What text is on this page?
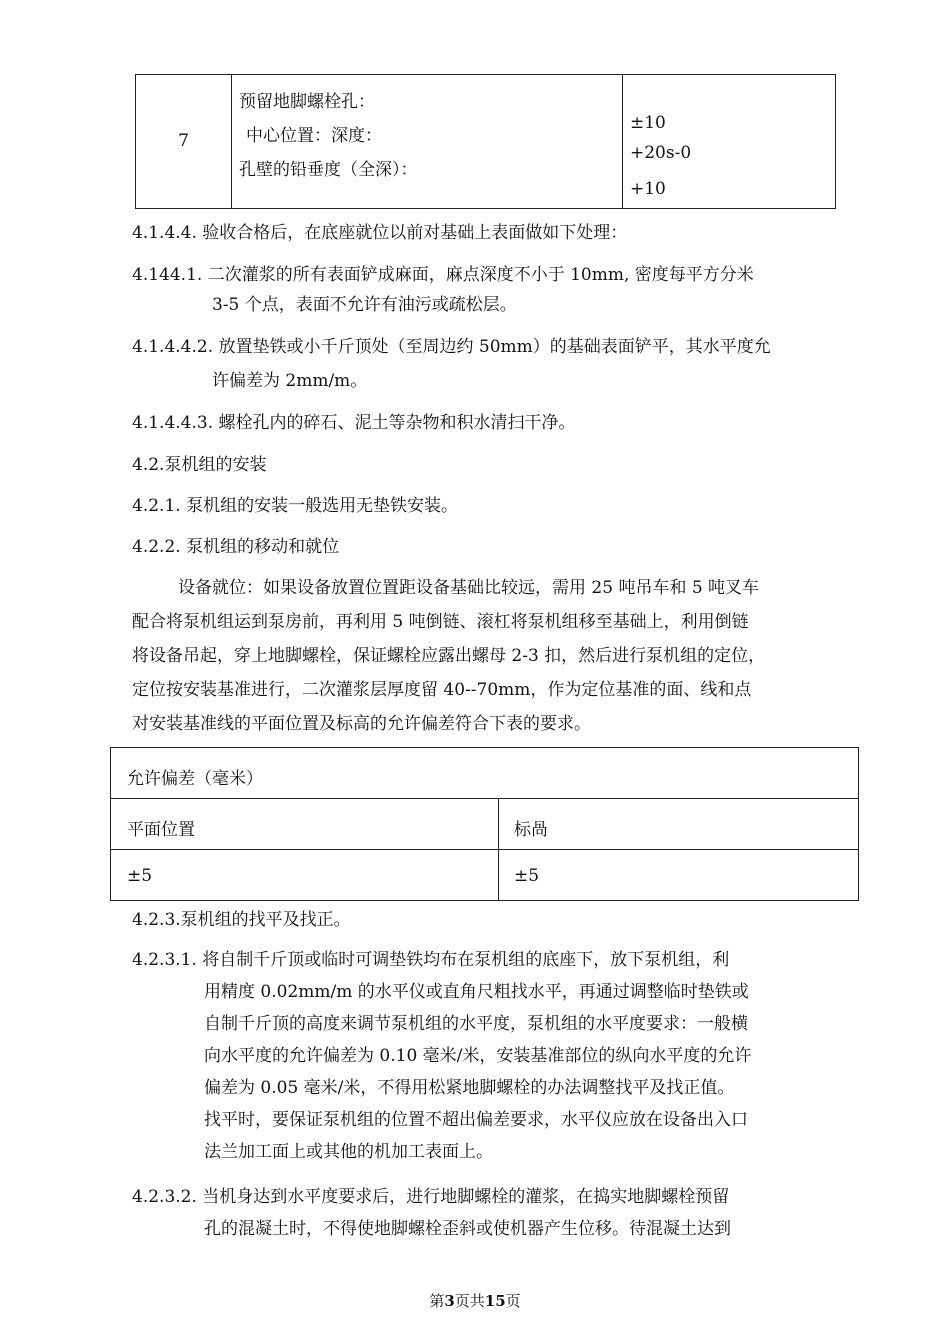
7
预留地脚螺栓孔：
中心位置：深度：
孔壁的铅垂度（全深）：
±10
+20s-0
+10
4.1.4.4. 验收合格后，在底座就位以前对基础上表面做如下处理：
4.144.1. 二次灌浆的所有表面铲成麻面，麻点深度不小于 10mm, 密度每平方分米
3-5 个点，表面不允许有油污或疏松层。
4.1.4.4.2. 放置垫铁或小千斤顶处（至周边约 50mm）的基础表面铲平，其水平度允
许偏差为 2mm/m。
4.1.4.4.3. 螺栓孔内的碎石、泥土等杂物和积水清扫干净。
4.2.泵机组的安装
4.2.1. 泵机组的安装一般选用无垫铁安装。
4.2.2. 泵机组的移动和就位
设备就位：如果设备放置位置距设备基础比较远，需用 25 吨吊车和 5 吨叉车
配合将泵机组运到泵房前，再利用 5 吨倒链、滚杠将泵机组移至基础上，利用倒链
将设备吊起，穿上地脚螺栓，保证螺栓应露出螺母 2-3 扣，然后进行泵机组的定位，
定位按安装基准进行，二次灌浆层厚度留 40--70mm，作为定位基准的面、线和点
对安装基准线的平面位置及标高的允许偏差符合下表的要求。
允许偏差（毫米）
平面位置	标咼
±5	±5
4.2.3.泵机组的找平及找正。
4.2.3.1. 将自制千斤顶或临时可调垫铁均布在泵机组的底座下，放下泵机组，利
用精度 0.02mm/m 的水平仪或直角尺粗找水平，再通过调整临时垫铁或
自制千斤顶的高度来调节泵机组的水平度，泵机组的水平度要求：一般横
向水平度的允许偏差为 0.10 毫米/米，安装基准部位的纵向水平度的允许
偏差为 0.05 毫米/米，不得用松紧地脚螺栓的办法调整找平及找正值。
找平时，要保证泵机组的位置不超出偏差要求，水平仪应放在设备出入口
法兰加工面上或其他的机加工表面上。
4.2.3.2. 当机身达到水平度要求后，进行地脚螺栓的灌浆，在捣实地脚螺栓预留
孔的混凝土时，不得使地脚螺栓歪斜或使机器产生位移。待混凝土达到
第3页共15页
